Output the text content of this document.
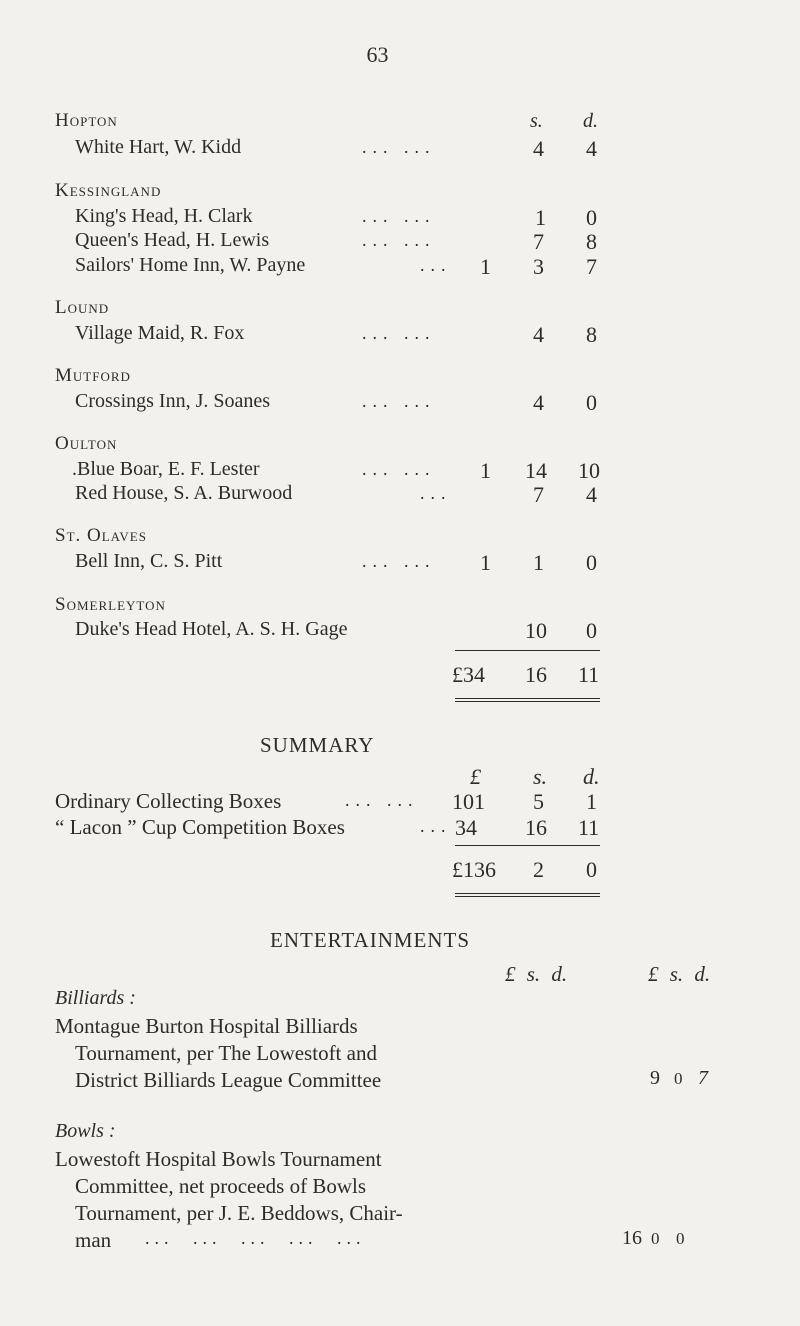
63
s. d.
Hopton
White Hart, W. Kidd	... ...	4 4
Kessingland
King's Head, H. Clark	... ...	1 0
Queen's Head, H. Lewis	... ...	7 8
Sailors' Home Inn, W. Payne	... 1 3 7
Lound
Village Maid, R. Fox	... ...	4 8
Mutford
Crossings Inn, J. Soanes	... ...	4 0
Oulton
.Blue Boar, E. F. Lester	... ... 1 14 10
Red House, S. A. Burwood	...	7 4
St. Olaves
Bell Inn, C. S. Pitt	... ... 1 1 0
Somerleyton
Duke's Head Hotel, A. S. H. Gage	10 0
£34 16 11
SUMMARY
£ s. d.
Ordinary Collecting Boxes	... ... 101 5 1
“ Lacon ” Cup Competition Boxes	... 34 16 11
£136 2 0
ENTERTAINMENTS
£ s. d.	£ s. d.
Billiards :
Montague Burton Hospital Billiards
Tournament, per The Lowestoft and
District Billiards League Committee	9 0 7
Bowls :
Lowestoft Hospital Bowls Tournament
Committee, net proceeds of Bowls
Tournament, per J. E. Beddows, Chair-
man	... ... ... ... ...	16 0 0
